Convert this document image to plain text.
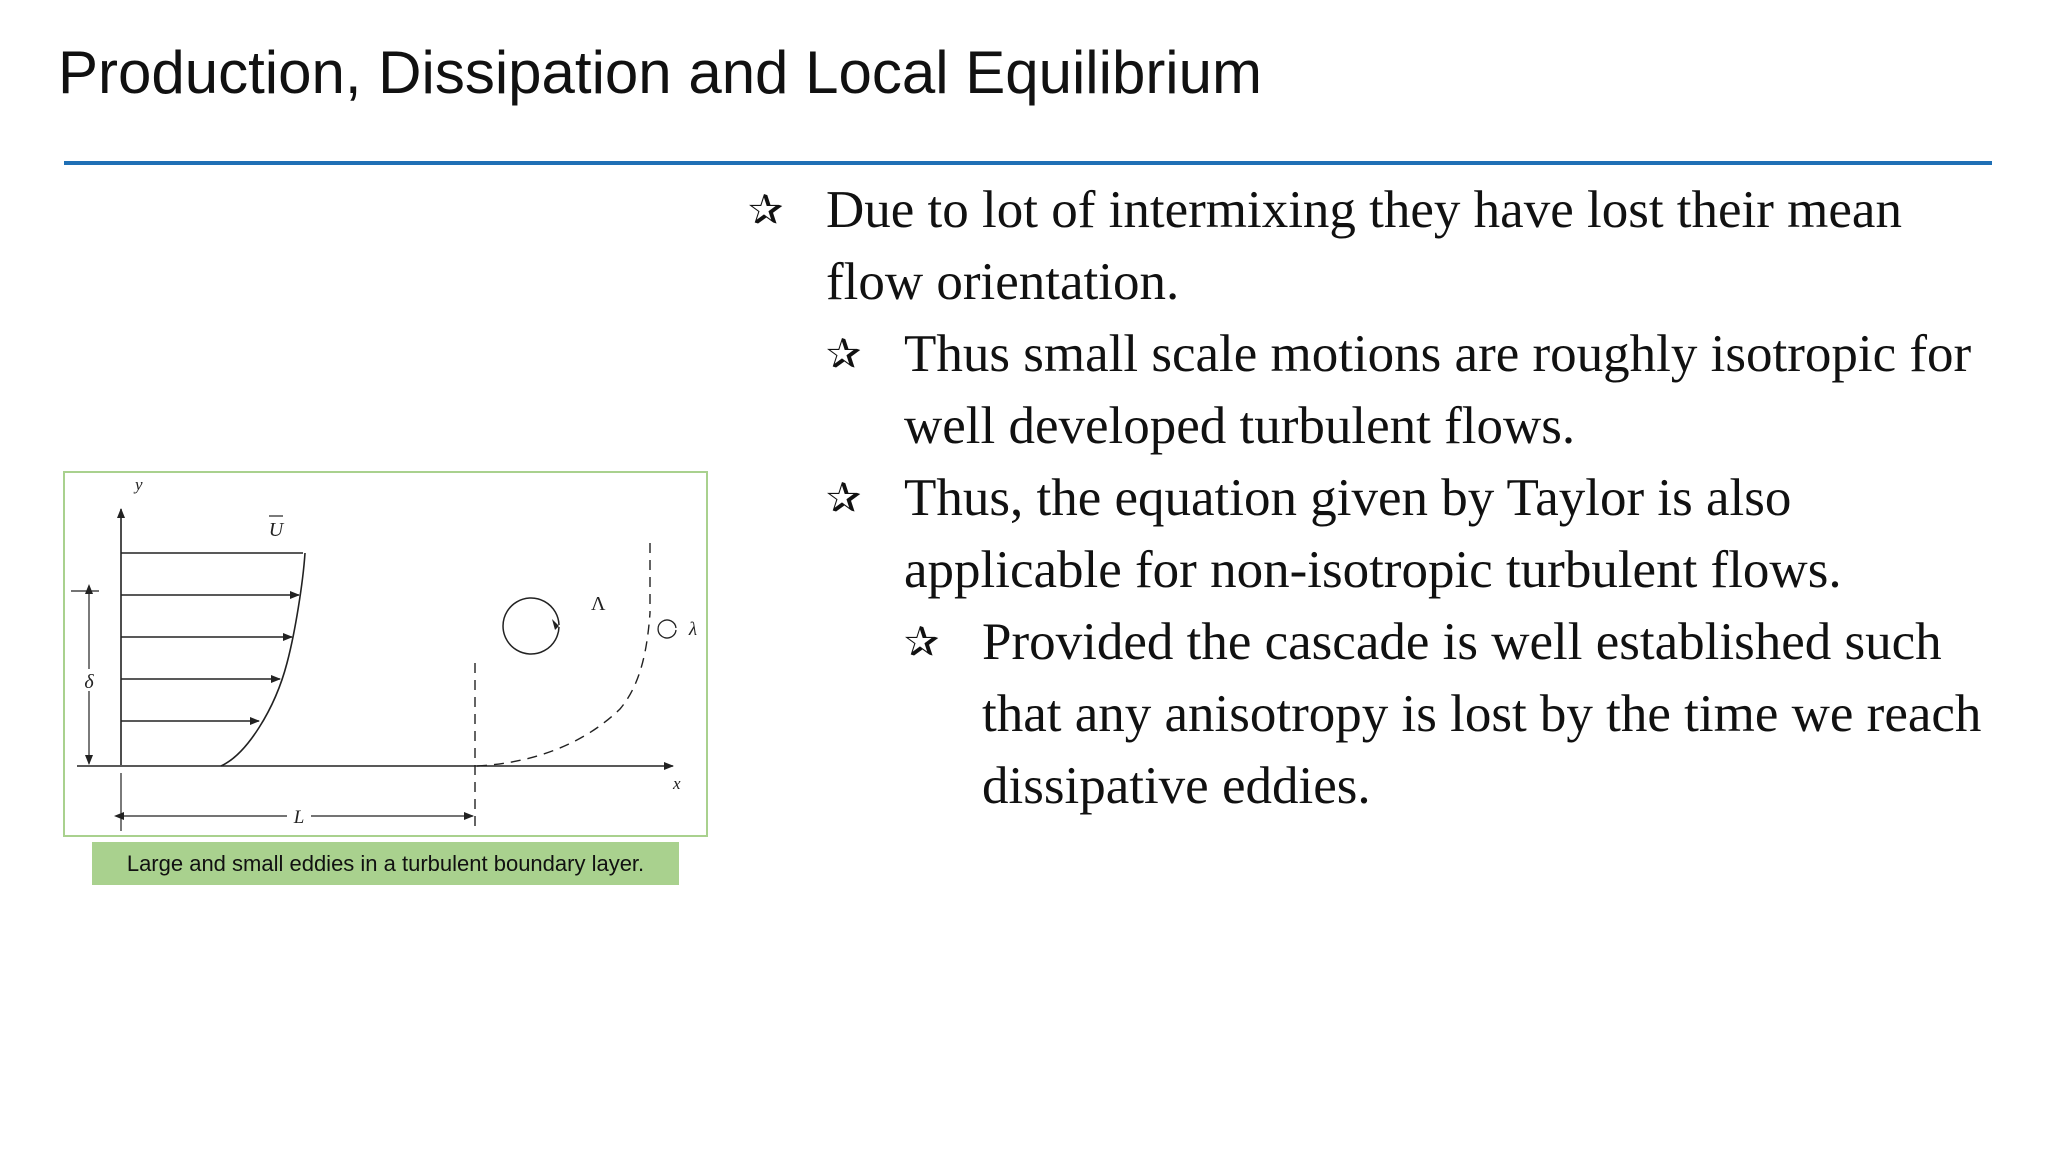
Production, Dissipation and Local Equilibrium
δ
y
x
U
Λ
λ
L
Large and small eddies in a turbulent boundary layer.
✰ Due to lot of intermixing they have lost their mean flow orientation.
✰ Thus small scale motions are roughly isotropic for well developed turbulent flows.
✰ Thus, the equation given by Taylor is also applicable for non-isotropic turbulent flows.
✰ Provided the cascade is well established such that any anisotropy is lost by the time we reach dissipative eddies.
